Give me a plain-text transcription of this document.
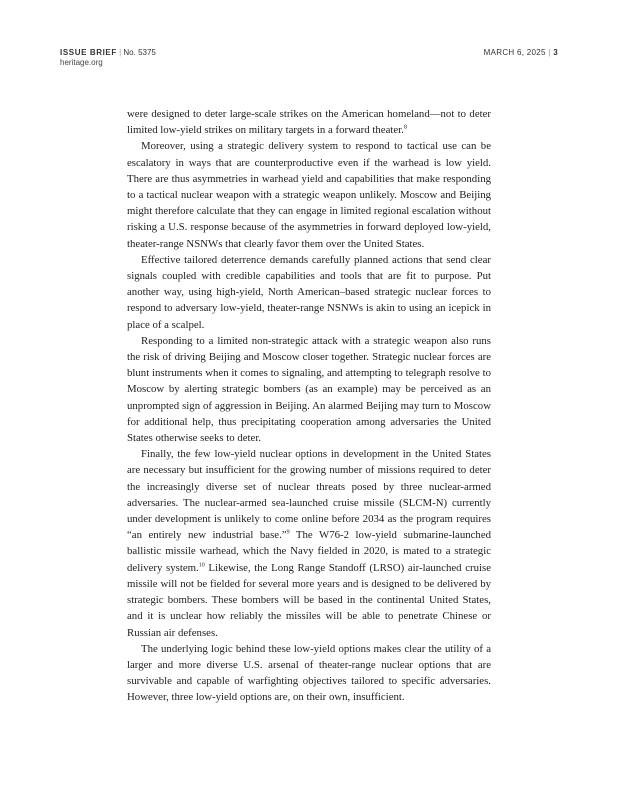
ISSUE BRIEF | No. 5375
heritage.org
MARCH 6, 2025 | 3

were designed to deter large-scale strikes on the American homeland—not to deter limited low-yield strikes on military targets in a forward theater.$^8$

Moreover, using a strategic delivery system to respond to tactical use can be escalatory in ways that are counterproductive even if the warhead is low yield. There are thus asymmetries in warhead yield and capabilities that make responding to a tactical nuclear weapon with a strategic weapon unlikely. Moscow and Beijing might therefore calculate that they can engage in limited regional escalation without risking a U.S. response because of the asymmetries in forward deployed low-yield, theater-range NSNWs that clearly favor them over the United States.

Effective tailored deterrence demands carefully planned actions that send clear signals coupled with credible capabilities and tools that are fit to purpose. Put another way, using high-yield, North American–based strategic nuclear forces to respond to adversary low-yield, theater-range NSNWs is akin to using an icepick in place of a scalpel.

Responding to a limited non-strategic attack with a strategic weapon also runs the risk of driving Beijing and Moscow closer together. Strategic nuclear forces are blunt instruments when it comes to signaling, and attempting to telegraph resolve to Moscow by alerting strategic bombers (as an example) may be perceived as an unprompted sign of aggression in Beijing. An alarmed Beijing may turn to Moscow for additional help, thus precipitating cooperation among adversaries the United States otherwise seeks to deter.

Finally, the few low-yield nuclear options in development in the United States are necessary but insufficient for the growing number of missions required to deter the increasingly diverse set of nuclear threats posed by three nuclear-armed adversaries. The nuclear-armed sea-launched cruise missile (SLCM-N) currently under development is unlikely to come online before 2034 as the program requires “an entirely new industrial base.”$^9$ The W76-2 low-yield submarine-launched ballistic missile warhead, which the Navy fielded in 2020, is mated to a strategic delivery system.$^{10}$ Likewise, the Long Range Standoff (LRSO) air-launched cruise missile will not be fielded for several more years and is designed to be delivered by strategic bombers. These bombers will be based in the continental United States, and it is unclear how reliably the missiles will be able to penetrate Chinese or Russian air defenses.

The underlying logic behind these low-yield options makes clear the utility of a larger and more diverse U.S. arsenal of theater-range nuclear options that are survivable and capable of warfighting objectives tailored to specific adversaries. However, three low-yield options are, on their own, insufficient.
